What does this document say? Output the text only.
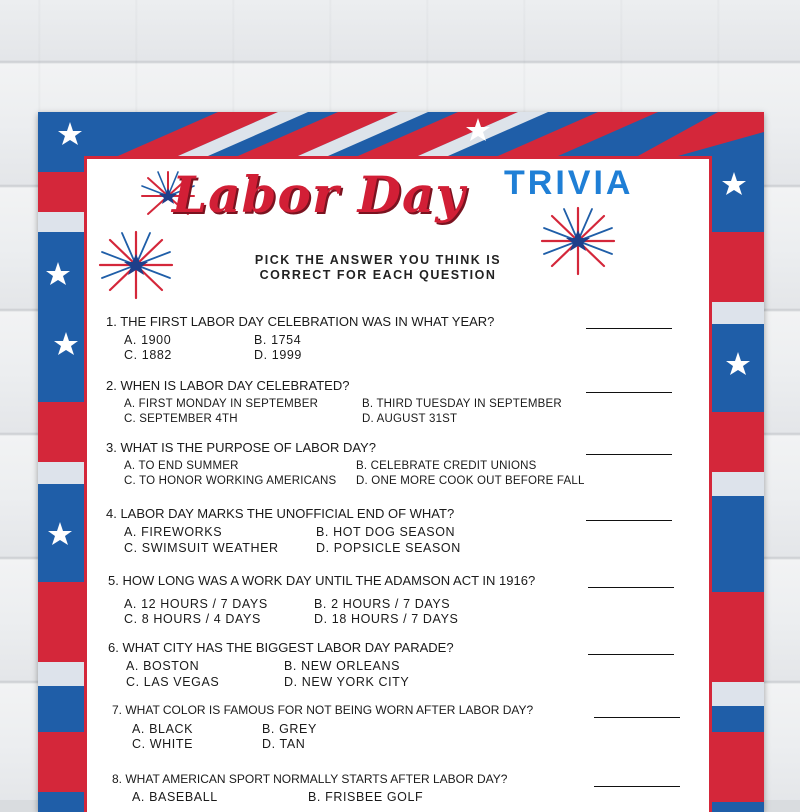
Labor Day TRIVIA
PICK THE ANSWER YOU THINK IS
CORRECT FOR EACH QUESTION
1. THE FIRST LABOR DAY CELEBRATION WAS IN WHAT YEAR?
A. 1900	B. 1754
C. 1882	D. 1999
2. WHEN IS LABOR DAY CELEBRATED?
A. FIRST MONDAY IN SEPTEMBER	B. THIRD TUESDAY IN SEPTEMBER
C. SEPTEMBER 4TH	D. AUGUST 31ST
3. WHAT IS THE PURPOSE OF LABOR DAY?
A. TO END SUMMER	B. CELEBRATE CREDIT UNIONS
C. TO HONOR WORKING AMERICANS D. ONE MORE COOK OUT BEFORE FALL
4. LABOR DAY MARKS THE UNOFFICIAL END OF WHAT?
A. FIREWORKS	B. HOT DOG SEASON
C. SWIMSUIT WEATHER	D. POPSICLE SEASON
5. HOW LONG WAS A WORK DAY UNTIL THE ADAMSON ACT IN 1916?
A. 12 HOURS / 7 DAYS	B. 2 HOURS / 7 DAYS
C. 8 HOURS / 4 DAYS	D. 18 HOURS / 7 DAYS
6. WHAT CITY HAS THE BIGGEST LABOR DAY PARADE?
A. BOSTON	B. NEW ORLEANS
C. LAS VEGAS	D. NEW YORK CITY
7. WHAT COLOR IS FAMOUS FOR NOT BEING WORN AFTER LABOR DAY?
A. BLACK	B. GREY
C. WHITE	D. TAN
8. WHAT AMERICAN SPORT NORMALLY STARTS AFTER LABOR DAY?
A. BASEBALL	B. FRISBEE GOLF
